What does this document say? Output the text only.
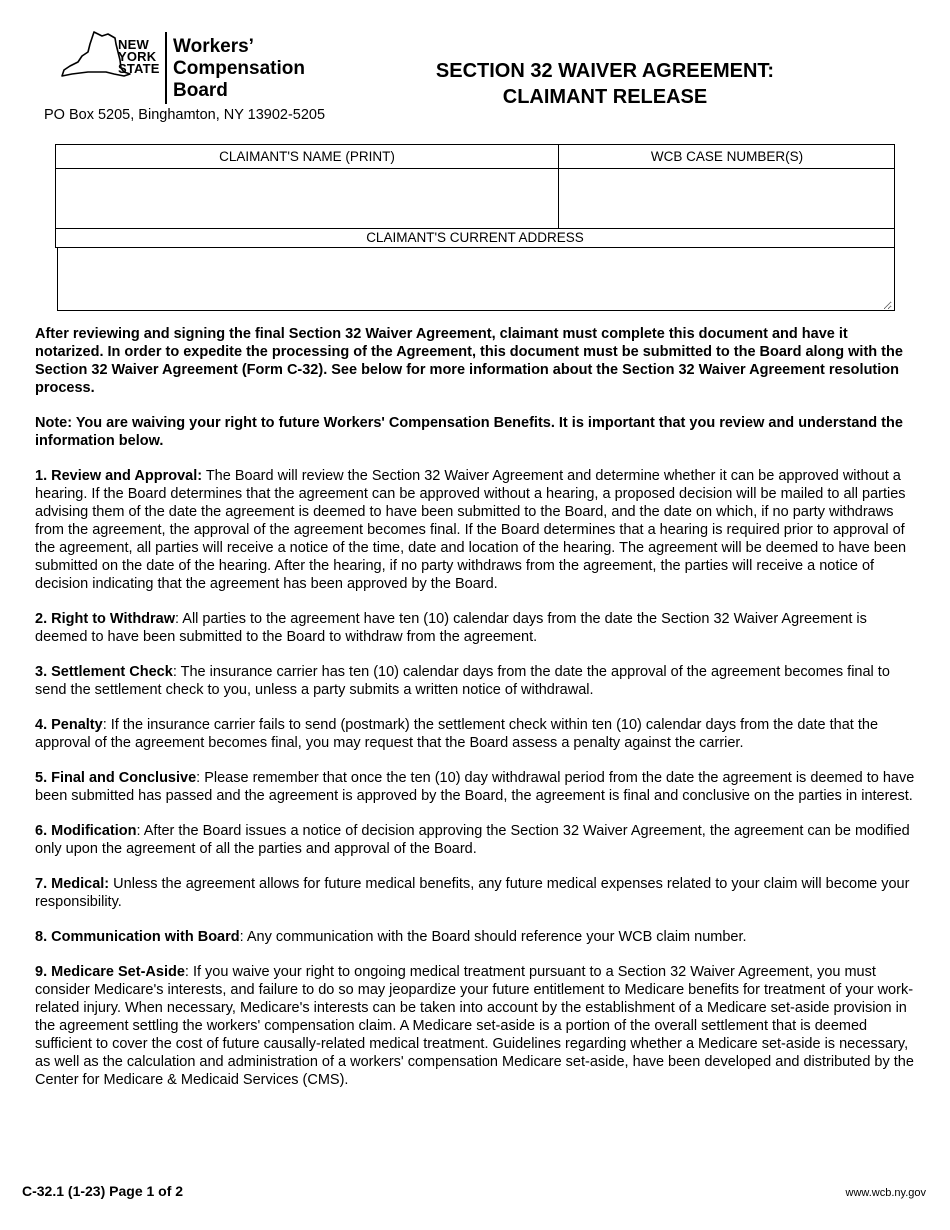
NEW
YORK
STATE
Workers’
Compensation
Board
PO Box 5205, Binghamton, NY 13902-5205
SECTION 32 WAIVER AGREEMENT:
CLAIMANT RELEASE
CLAIMANT'S NAME (PRINT)	WCB CASE NUMBER(S)
CLAIMANT'S CURRENT ADDRESS

After reviewing and signing the final Section 32 Waiver Agreement, claimant must complete this document and have it notarized. In order to expedite the processing of the Agreement, this document must be submitted to the Board along with the Section 32 Waiver Agreement (Form C-32). See below for more information about the Section 32 Waiver Agreement resolution process.

Note: You are waiving your right to future Workers' Compensation Benefits. It is important that you review and understand the information below.

1. Review and Approval: The Board will review the Section 32 Waiver Agreement and determine whether it can be approved without a hearing. If the Board determines that the agreement can be approved without a hearing, a proposed decision will be mailed to all parties advising them of the date the agreement is deemed to have been submitted to the Board, and the date on which, if no party withdraws from the agreement, the approval of the agreement becomes final. If the Board determines that a hearing is required prior to approval of the agreement, all parties will receive a notice of the time, date and location of the hearing. The agreement will be deemed to have been submitted on the date of the hearing. After the hearing, if no party withdraws from the agreement, the parties will receive a notice of decision indicating that the agreement has been approved by the Board.

2. Right to Withdraw: All parties to the agreement have ten (10) calendar days from the date the Section 32 Waiver Agreement is deemed to have been submitted to the Board to withdraw from the agreement.

3. Settlement Check: The insurance carrier has ten (10) calendar days from the date the approval of the agreement becomes final to send the settlement check to you, unless a party submits a written notice of withdrawal.

4. Penalty: If the insurance carrier fails to send (postmark) the settlement check within ten (10) calendar days from the date that the approval of the agreement becomes final, you may request that the Board assess a penalty against the carrier.

5. Final and Conclusive: Please remember that once the ten (10) day withdrawal period from the date the agreement is deemed to have been submitted has passed and the agreement is approved by the Board, the agreement is final and conclusive on the parties in interest.

6. Modification: After the Board issues a notice of decision approving the Section 32 Waiver Agreement, the agreement can be modified only upon the agreement of all the parties and approval of the Board.

7. Medical: Unless the agreement allows for future medical benefits, any future medical expenses related to your claim will become your responsibility.

8. Communication with Board: Any communication with the Board should reference your WCB claim number.

9. Medicare Set-Aside: If you waive your right to ongoing medical treatment pursuant to a Section 32 Waiver Agreement, you must consider Medicare's interests, and failure to do so may jeopardize your future entitlement to Medicare benefits for treatment of your work-related injury. When necessary, Medicare's interests can be taken into account by the establishment of a Medicare set-aside provision in the agreement settling the workers' compensation claim. A Medicare set-aside is a portion of the overall settlement that is deemed sufficient to cover the cost of future causally-related medical treatment. Guidelines regarding whether a Medicare set-aside is necessary, as well as the calculation and administration of a workers' compensation Medicare set-aside, have been developed and distributed by the Center for Medicare & Medicaid Services (CMS).

C-32.1 (1-23) Page 1 of 2	www.wcb.ny.gov
